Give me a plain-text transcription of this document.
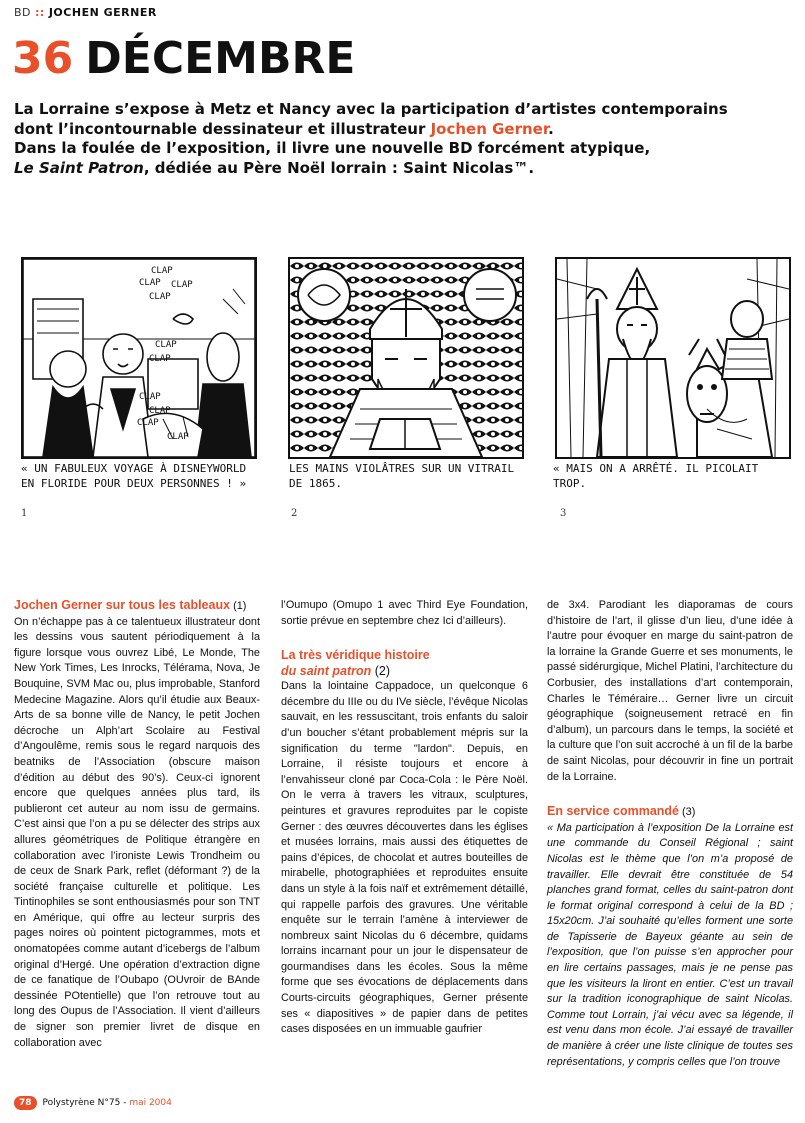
BD :: JOCHEN GERNER
36 DÉCEMBRE
La Lorraine s’expose à Metz et Nancy avec la participation d’artistes contemporains
dont l’incontournable dessinateur et illustrateur Jochen Gerner.
Dans la foulée de l’exposition, il livre une nouvelle BD forcément atypique,
Le Saint Patron, dédiée au Père Noël lorrain : Saint Nicolas™.
CLAP
CLAP CLAP
CLAP
CLAP
CLAP
CLAP
CLAP
CLAP
CLAP
« UN FABULEUX VOYAGE À DISNEYWORLD EN FLORIDE POUR DEUX PERSONNES ! »
LES MAINS VIOLÂTRES SUR UN VITRAIL DE 1865.
« MAIS ON A ARRÊTÉ. IL PICOLAIT TROP.
1	2	3

Jochen Gerner sur tous les tableaux (1)

On n’échappe pas à ce talentueux illustrateur dont les dessins vous sautent périodiquement à la figure lorsque vous ouvrez Libé, Le Monde, The New York Times, Les Inrocks, Télérama, Nova, Je Bouquine, SVM Mac ou, plus improbable, Stanford Medecine Magazine. Alors qu’il étudie aux Beaux-Arts de sa bonne ville de Nancy, le petit Jochen décroche un Alph’art Scolaire au Festival d’Angoulême, remis sous le regard narquois des beatniks de l’Association (obscure maison d’édition au début des 90’s). Ceux-ci ignorent encore que quelques années plus tard, ils publieront cet auteur au nom issu de germains. C’est ainsi que l’on a pu se délecter des strips aux allures géométriques de Politique étrangère en collaboration avec l’ironiste Lewis Trondheim ou de ceux de Snark Park, reflet (déformant ?) de la société française culturelle et politique. Les Tintinophiles se sont enthousiasmés pour son TNT en Amérique, qui offre au lecteur surpris des pages noires où pointent pictogrammes, mots et onomatopées comme autant d’icebergs de l’album original d’Hergé. Une opération d’extraction digne de ce fanatique de l’Oubapo (OUvroir de BAnde dessinée POtentielle) que l’on retrouve tout au long des Oupus de l’Association. Il vient d’ailleurs de signer son premier livret de disque en collaboration avec

l’Oumupo (Omupo 1 avec Third Eye Foundation, sortie prévue en septembre chez Ici d’ailleurs).

La très véridique histoire
du saint patron (2)

Dans la lointaine Cappadoce, un quelconque 6 décembre du IIIe ou du IVe siècle, l’évêque Nicolas sauvait, en les ressuscitant, trois enfants du saloir d’un boucher s’étant probablement mépris sur la signification du terme "lardon". Depuis, en Lorraine, il résiste toujours et encore à l’envahisseur cloné par Coca-Cola : le Père Noël. On le verra à travers les vitraux, sculptures, peintures et gravures reproduites par le copiste Gerner : des œuvres découvertes dans les églises et musées lorrains, mais aussi des étiquettes de pains d’épices, de chocolat et autres bouteilles de mirabelle, photographiées et reproduites ensuite dans un style à la fois naïf et extrêmement détaillé, qui rappelle parfois des gravures. Une véritable enquête sur le terrain l’amène à interviewer de nombreux saint Nicolas du 6 décembre, quidams lorrains incarnant pour un jour le dispensateur de gourmandises dans les écoles. Sous la même forme que ses évocations de déplacements dans Courts-circuits géographiques, Gerner présente ses « diapositives » de papier dans de petites cases disposées en un immuable gaufrier

de 3x4. Parodiant les diaporamas de cours d’histoire de l’art, il glisse d’un lieu, d’une idée à l’autre pour évoquer en marge du saint-patron de la lorraine la Grande Guerre et ses monuments, le passé sidérurgique, Michel Platini, l’architecture du Corbusier, des installations d’art contemporain, Charles le Téméraire… Gerner livre un circuit géographique (soigneusement retracé en fin d’album), un parcours dans le temps, la société et la culture que l’on suit accroché à un fil de la barbe de saint Nicolas, pour découvrir in fine un portrait de la Lorraine.

En service commandé (3)

« Ma participation à l’exposition De la Lorraine est une commande du Conseil Régional ; saint Nicolas est le thème que l’on m’a proposé de travailler. Elle devrait être constituée de 54 planches grand format, celles du saint-patron dont le format original correspond à celui de la BD ; 15x20cm. J’ai souhaité qu’elles forment une sorte de Tapisserie de Bayeux géante au sein de l’exposition, que l’on puisse s’en approcher pour en lire certains passages, mais je ne pense pas que les visiteurs la liront en entier. C’est un travail sur la tradition iconographique de saint Nicolas. Comme tout Lorrain, j’ai vécu avec sa légende, il est venu dans mon école. J’ai essayé de travailler de manière à créer une liste clinique de toutes ses représentations, y compris celles que l’on trouve

78	Polystyrène N°75 - mai 2004
